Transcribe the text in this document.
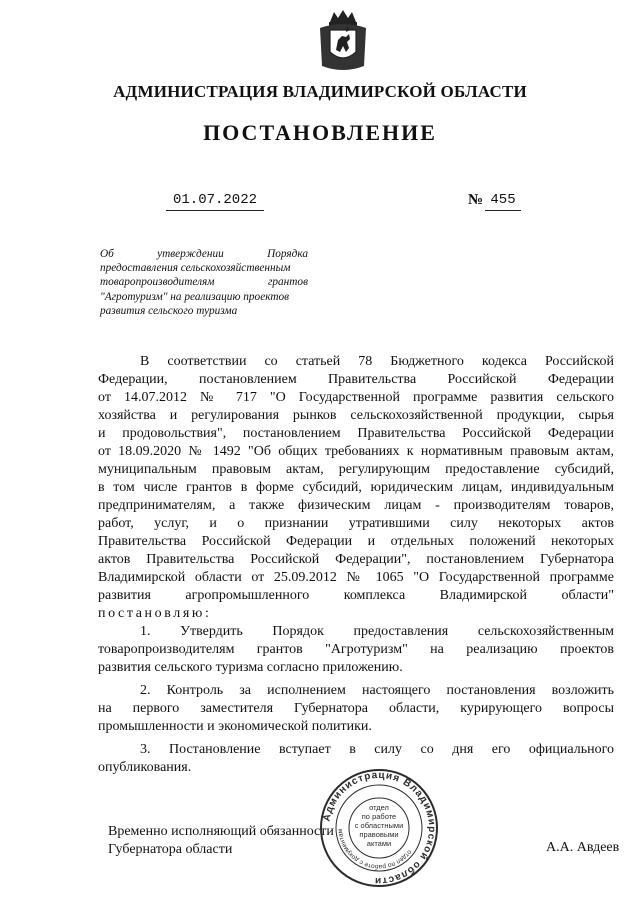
АДМИНИСТРАЦИЯ ВЛАДИМИРСКОЙ ОБЛАСТИ
ПОСТАНОВЛЕНИЕ
01.07.2022	№ 455
Об утверждении Порядка
предоставления сельскохозяйственным
товаропроизводителям грантов
"Агротуризм" на реализацию проектов
развития сельского туризма
В соответствии со статьей 78 Бюджетного кодекса Российской
Федерации, постановлением Правительства Российской Федерации
от 14.07.2012 № 717 "О Государственной программе развития сельского
хозяйства и регулирования рынков сельскохозяйственной продукции, сырья
и продовольствия", постановлением Правительства Российской Федерации
от 18.09.2020 № 1492 "Об общих требованиях к нормативным правовым актам,
муниципальным правовым актам, регулирующим предоставление субсидий,
в том числе грантов в форме субсидий, юридическим лицам, индивидуальным
предпринимателям, а также физическим лицам - производителям товаров,
работ, услуг, и о признании утратившими силу некоторых актов
Правительства Российской Федерации и отдельных положений некоторых
актов Правительства Российской Федерации", постановлением Губернатора
Владимирской области от 25.09.2012 № 1065 "О Государственной программе
развития агропромышленного комплекса Владимирской области"
постановляю:
1. Утвердить Порядок предоставления сельскохозяйственным
товаропроизводителям грантов "Агротуризм" на реализацию проектов
развития сельского туризма согласно приложению.
2. Контроль за исполнением настоящего постановления возложить
на первого заместителя Губернатора области, курирующего вопросы
промышленности и экономической политики.
3. Постановление вступает в силу со дня его официального
опубликования.
Временно исполняющий обязанности
Губернатора области	А.А. Авдеев
Администрация Владимирской области
отдел по работе с документам
отдел
по работе
с областными
правовыми
актами
